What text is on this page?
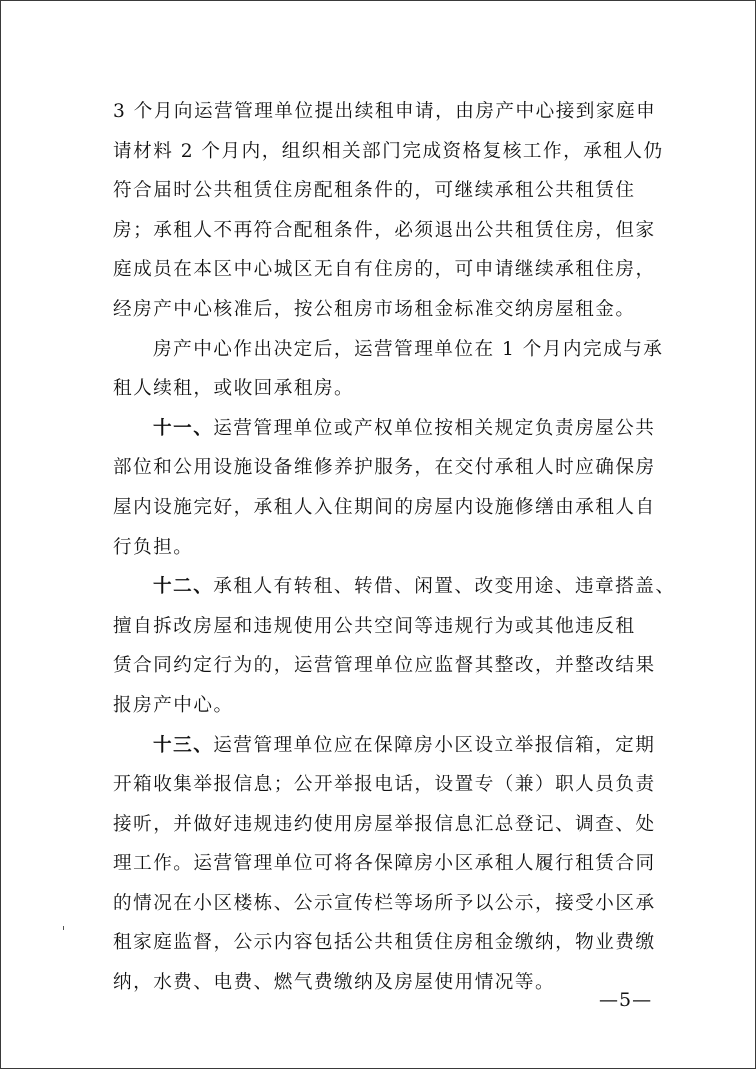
3 个月向运营管理单位提出续租申请，由房产中心接到家庭申
请材料 2 个月内，组织相关部门完成资格复核工作，承租人仍
符合届时公共租赁住房配租条件的，可继续承租公共租赁住
房；承租人不再符合配租条件，必须退出公共租赁住房，但家
庭成员在本区中心城区无自有住房的，可申请继续承租住房，
经房产中心核准后，按公租房市场租金标准交纳房屋租金。

房产中心作出决定后，运营管理单位在 1 个月内完成与承
租人续租，或收回承租房。

十一、运营管理单位或产权单位按相关规定负责房屋公共
部位和公用设施设备维修养护服务，在交付承租人时应确保房
屋内设施完好，承租人入住期间的房屋内设施修缮由承租人自
行负担。

十二、承租人有转租、转借、闲置、改变用途、违章搭盖、
擅自拆改房屋和违规使用公共空间等违规行为或其他违反租
赁合同约定行为的，运营管理单位应监督其整改，并整改结果
报房产中心。

十三、运营管理单位应在保障房小区设立举报信箱，定期
开箱收集举报信息；公开举报电话，设置专（兼）职人员负责
接听，并做好违规违约使用房屋举报信息汇总登记、调查、处
理工作。运营管理单位可将各保障房小区承租人履行租赁合同
的情况在小区楼栋、公示宣传栏等场所予以公示，接受小区承
租家庭监督，公示内容包括公共租赁住房租金缴纳，物业费缴
纳，水费、电费、燃气费缴纳及房屋使用情况等。

—5—
